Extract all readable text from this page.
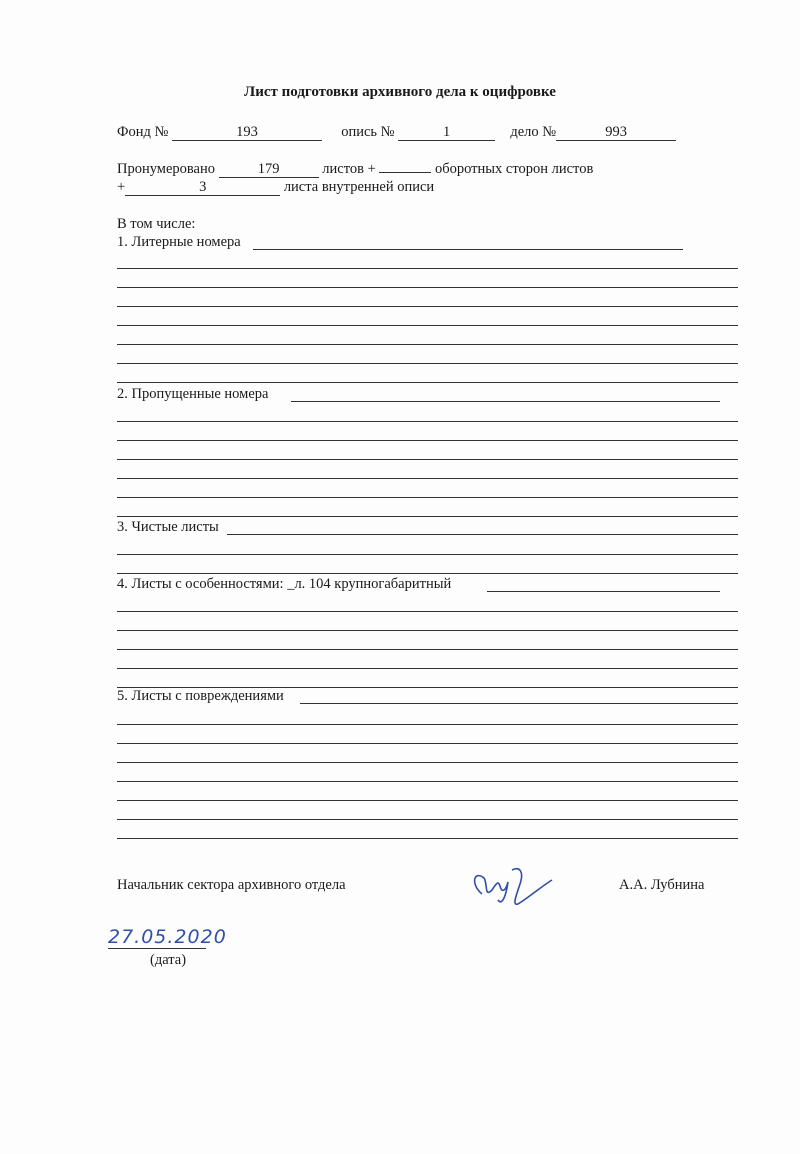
Лист подготовки архивного дела к оцифровке
Фонд №	193	опись №	1	дело №	993
Пронумеровано	179	листов +	оборотных сторон листов
+	3	листа внутренней описи
В том числе:
1. Литерные номера
2. Пропущенные номера
3. Чистые листы
4. Листы с особенностями: _л. 104 крупногабаритный
5. Листы с повреждениями
Начальник сектора архивного отдела	А.А. Лубнина
27.05.2020
(дата)
